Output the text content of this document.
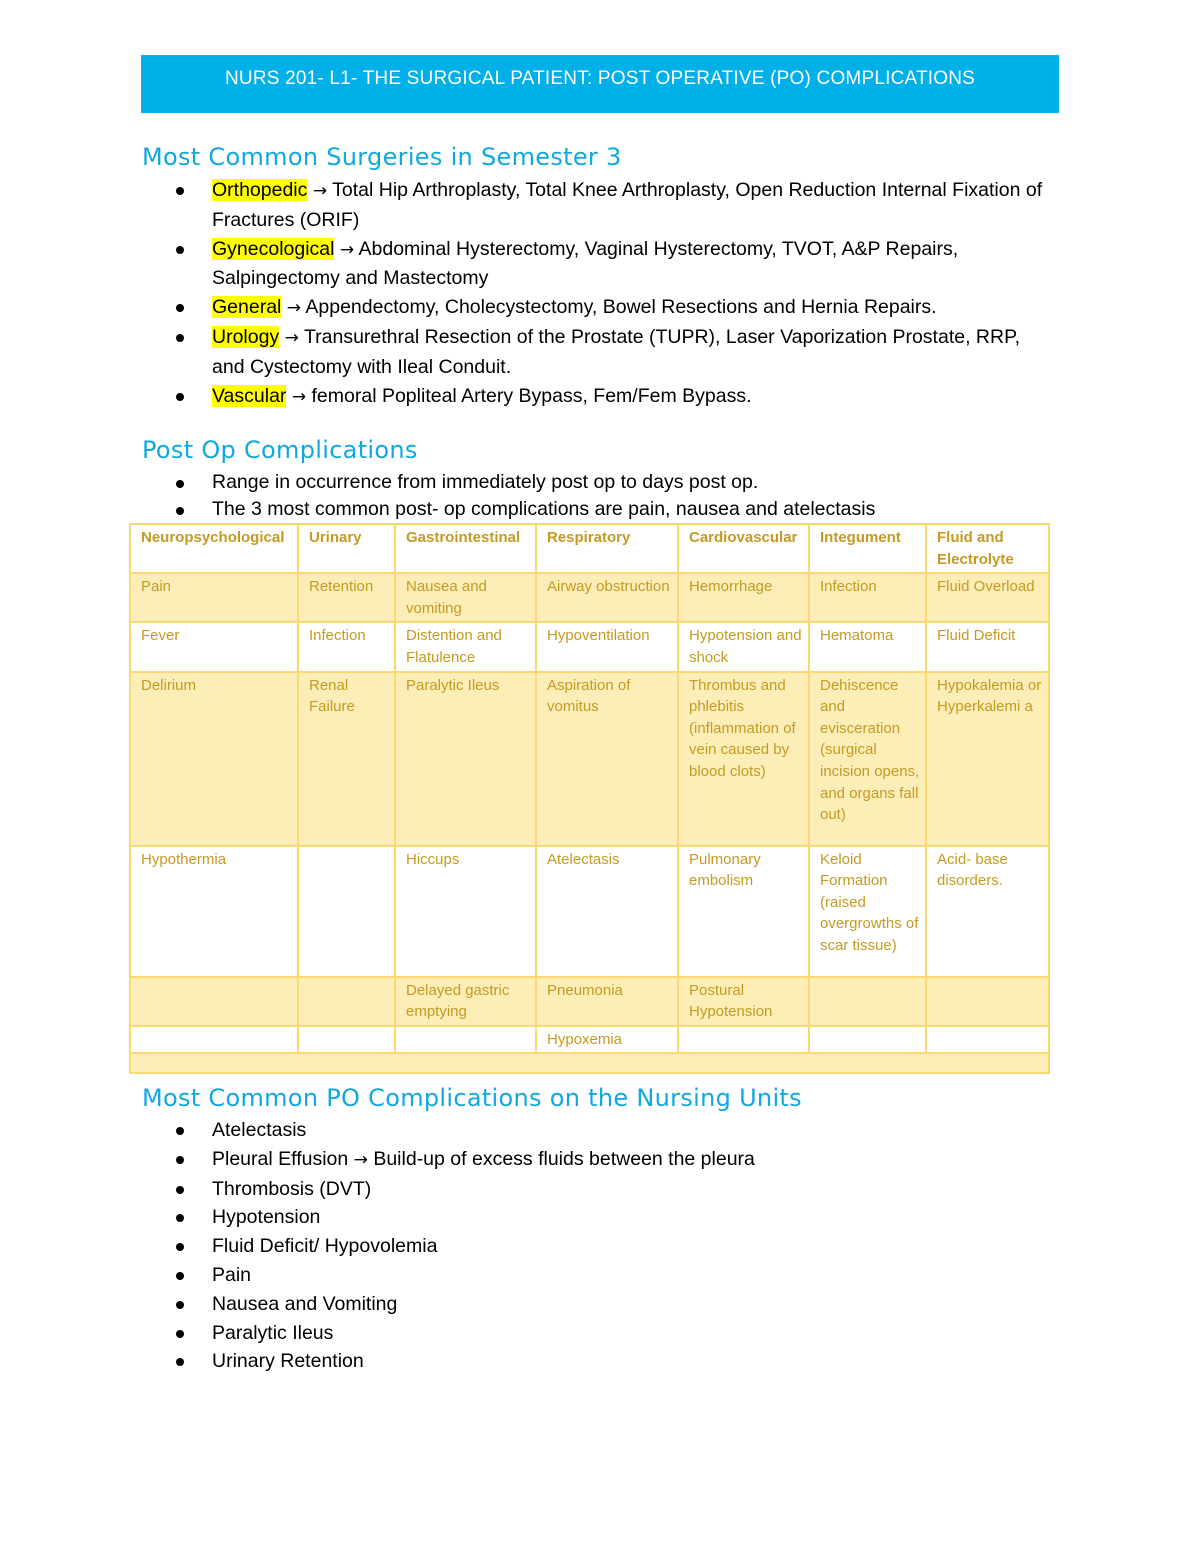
NURS 201- L1- THE SURGICAL PATIENT: POST OPERATIVE (PO) COMPLICATIONS
Most Common Surgeries in Semester 3
Orthopedic → Total Hip Arthroplasty, Total Knee Arthroplasty, Open Reduction Internal Fixation of Fractures (ORIF)
Gynecological → Abdominal Hysterectomy, Vaginal Hysterectomy, TVOT, A&P Repairs, Salpingectomy and Mastectomy
General → Appendectomy, Cholecystectomy, Bowel Resections and Hernia Repairs.
Urology → Transurethral Resection of the Prostate (TUPR), Laser Vaporization Prostate, RRP, and Cystectomy with Ileal Conduit.
Vascular → femoral Popliteal Artery Bypass, Fem/Fem Bypass.
Post Op Complications
Range in occurrence from immediately post op to days post op.
The 3 most common post- op complications are pain, nausea and atelectasis
Neuropsychological	Urinary	Gastrointestinal	Respiratory	Cardiovascular	Integument	Fluid and Electrolyte
Pain	Retention	Nausea and vomiting	Airway obstruction	Hemorrhage	Infection	Fluid Overload
Fever	Infection	Distention and Flatulence	Hypoventilation	Hypotension and shock	Hematoma	Fluid Deficit
Delirium	Renal Failure	Paralytic Ileus	Aspiration of vomitus	Thrombus and phlebitis (inflammation of vein caused by blood clots)	Dehiscence and evisceration (surgical incision opens, and organs fall out)	Hypokalemia or Hyperkalemi a
Hypothermia		Hiccups	Atelectasis	Pulmonary embolism	Keloid Formation (raised overgrowths of scar tissue)	Acid- base disorders.
		Delayed gastric emptying	Pneumonia	Postural Hypotension		
			Hypoxemia			

Most Common PO Complications on the Nursing Units
Atelectasis
Pleural Effusion → Build-up of excess fluids between the pleura
Thrombosis (DVT)
Hypotension
Fluid Deficit/ Hypovolemia
Pain
Nausea and Vomiting
Paralytic Ileus
Urinary Retention
